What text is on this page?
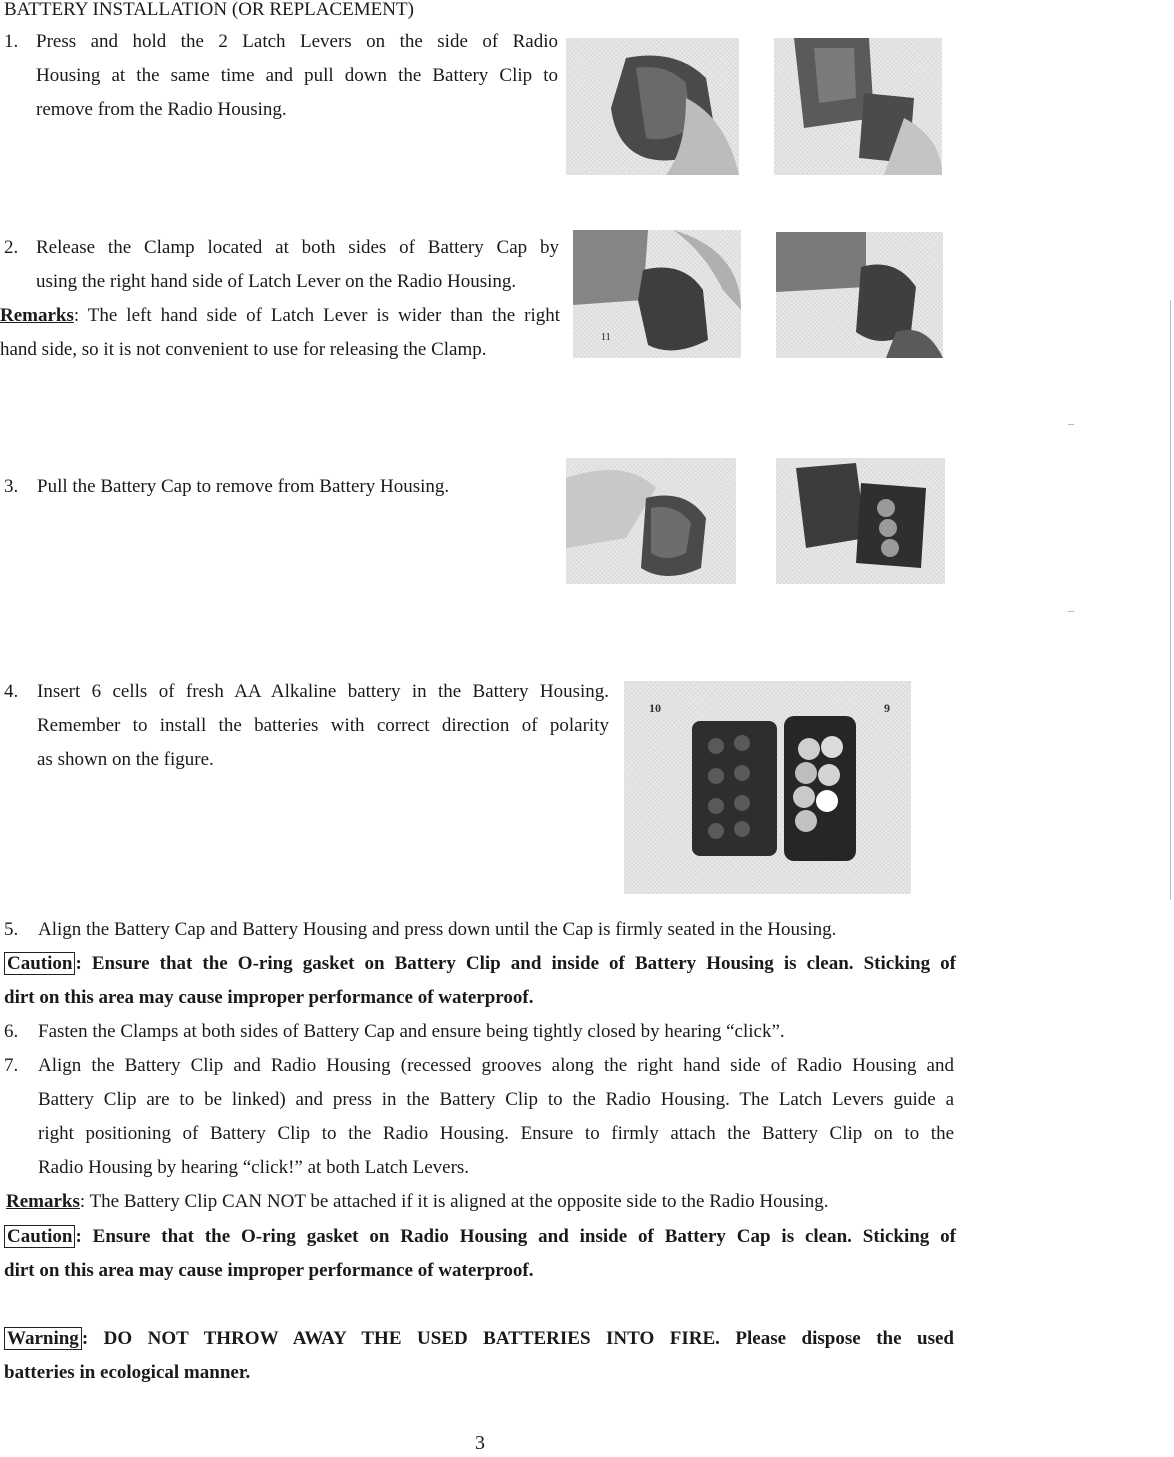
BATTERY INSTALLATION (OR REPLACEMENT)
1. Press and hold the 2 Latch Levers on the side of Radio
Housing at the same time and pull down the Battery Clip to
remove from the Radio Housing.
2. Release the Clamp located at both sides of Battery Cap by
using the right hand side of Latch Lever on the Radio Housing.
Remarks: The left hand side of Latch Lever is wider than the right
hand side, so it is not convenient to use for releasing the Clamp.
11
3. Pull the Battery Cap to remove from Battery Housing.
4. Insert 6 cells of fresh AA Alkaline battery in the Battery Housing.
Remember to install the batteries with correct direction of polarity
as shown on the figure.
10	9
5. Align the Battery Cap and Battery Housing and press down until the Cap is firmly seated in the Housing.
Caution : Ensure that the O-ring gasket on Battery Clip and inside of Battery Housing is clean. Sticking of
dirt on this area may cause improper performance of waterproof.
6. Fasten the Clamps at both sides of Battery Cap and ensure being tightly closed by hearing “click”.
7. Align the Battery Clip and Radio Housing (recessed grooves along the right hand side of Radio Housing and
Battery Clip are to be linked) and press in the Battery Clip to the Radio Housing. The Latch Levers guide a
right positioning of Battery Clip to the Radio Housing. Ensure to firmly attach the Battery Clip on to the
Radio Housing by hearing “click!” at both Latch Levers.
Remarks: The Battery Clip CAN NOT be attached if it is aligned at the opposite side to the Radio Housing.
Caution : Ensure that the O-ring gasket on Radio Housing and inside of Battery Cap is clean. Sticking of
dirt on this area may cause improper performance of waterproof.
Warning : DO NOT THROW AWAY THE USED BATTERIES INTO FIRE. Please dispose the used
batteries in ecological manner.
3
